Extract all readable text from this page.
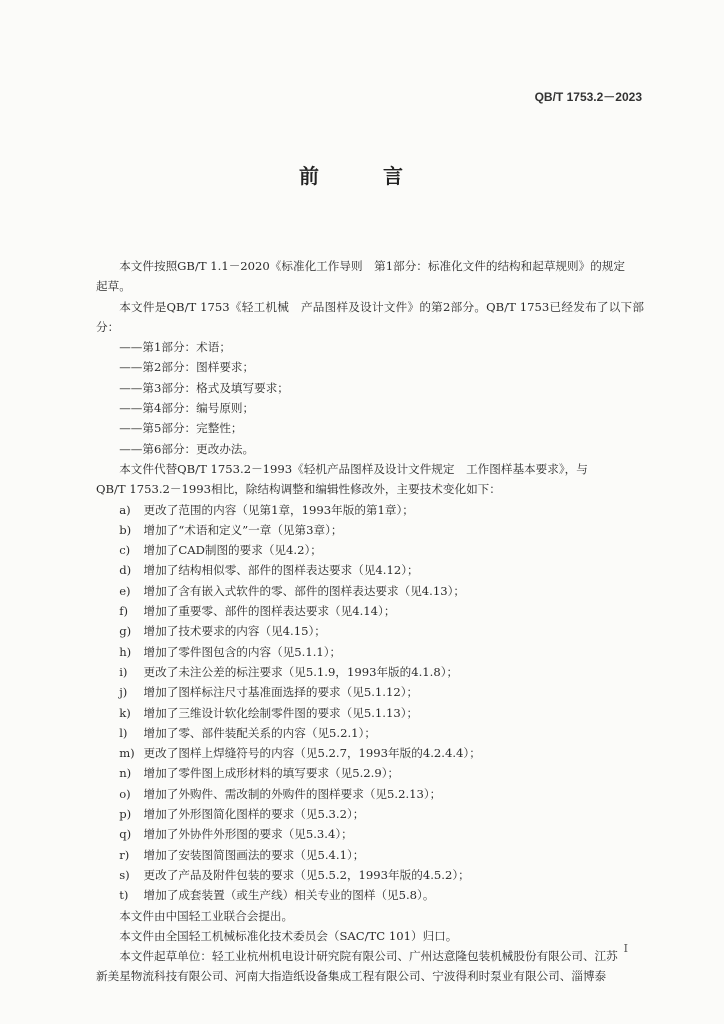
QB/T 1753.2－2023
前　言

本文件按照GB/T 1.1－2020《标准化工作导则　第1部分：标准化文件的结构和起草规则》的规定

起草。

本文件是QB/T 1753《轻工机械　产品图样及设计文件》的第2部分。QB/T 1753已经发布了以下部分：

——第1部分：术语；
——第2部分：图样要求；
——第3部分：格式及填写要求；
——第4部分：编号原则；
——第5部分：完整性；
——第6部分：更改办法。

本文件代替QB/T 1753.2－1993《轻机产品图样及设计文件规定　工作图样基本要求》，与

QB/T 1753.2－1993相比，除结构调整和编辑性修改外，主要技术变化如下：

a)	更改了范围的内容（见第1章，1993年版的第1章）；
b)	增加了“术语和定义”一章（见第3章）；
c)	增加了CAD制图的要求（见4.2）；
d)	增加了结构相似零、部件的图样表达要求（见4.12）；
e)	增加了含有嵌入式软件的零、部件的图样表达要求（见4.13）；
f)	增加了重要零、部件的图样表达要求（见4.14）；
g)	增加了技术要求的内容（见4.15）；
h)	增加了零件图包含的内容（见5.1.1）；
i)	更改了未注公差的标注要求（见5.1.9，1993年版的4.1.8）；
j)	增加了图样标注尺寸基准面选择的要求（见5.1.12）；
k)	增加了三维设计软化绘制零件图的要求（见5.1.13）；
l)	增加了零、部件装配关系的内容（见5.2.1）；
m) 更改了图样上焊缝符号的内容（见5.2.7，1993年版的4.2.4.4）；
n)	增加了零件图上成形材料的填写要求（见5.2.9）；
o)	增加了外购件、需改制的外购件的图样要求（见5.2.13）；
p)	增加了外形图简化图样的要求（见5.3.2）；
q)	增加了外协件外形图的要求（见5.3.4）；
r)	增加了安装图简图画法的要求（见5.4.1）；
s)	更改了产品及附件包装的要求（见5.5.2，1993年版的4.5.2）；
t)	增加了成套装置（或生产线）相关专业的图样（见5.8）。

本文件由中国轻工业联合会提出。

本文件由全国轻工机械标准化技术委员会（SAC/TC 101）归口。

本文件起草单位：轻工业杭州机电设计研究院有限公司、广州达意隆包装机械股份有限公司、江苏

新美星物流科技有限公司、河南大指造纸设备集成工程有限公司、宁波得利时泵业有限公司、淄博泰

I
